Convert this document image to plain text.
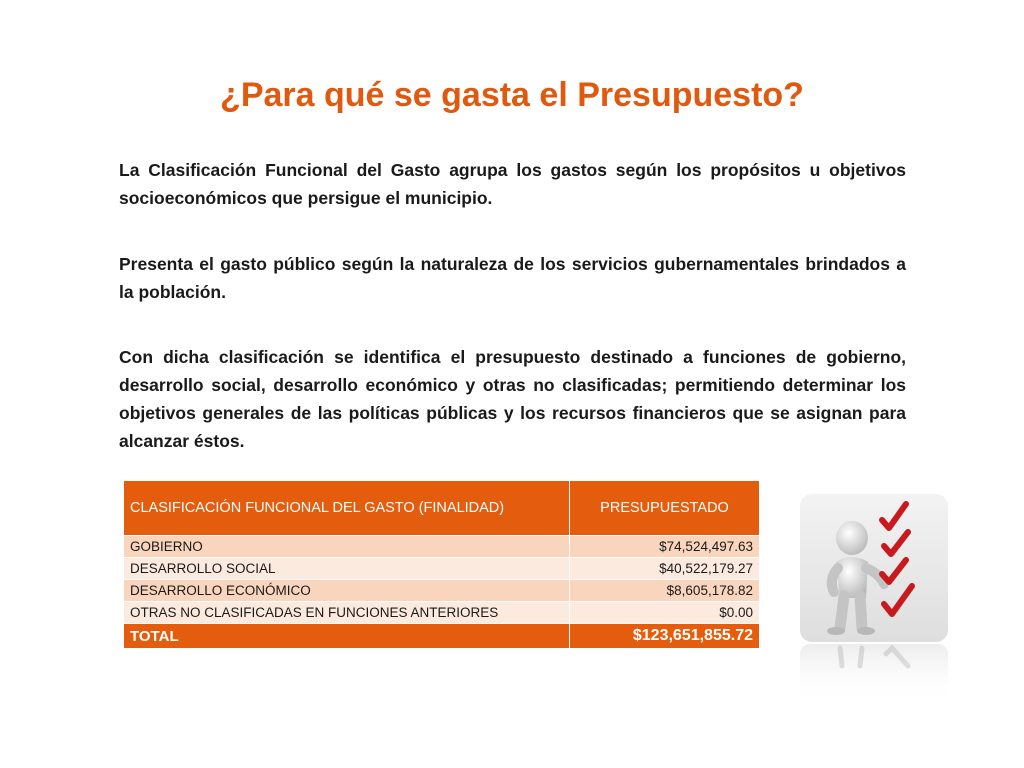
¿Para qué se gasta el Presupuesto?

La Clasificación Funcional del Gasto agrupa los gastos según los propósitos u objetivos socioeconómicos que persigue el municipio.

Presenta el gasto público según la naturaleza de los servicios gubernamentales brindados a la población.

Con dicha clasificación se identifica el presupuesto destinado a funciones de gobierno, desarrollo social, desarrollo económico y otras no clasificadas; permitiendo determinar los objetivos generales de las políticas públicas y los recursos financieros que se asignan para alcanzar éstos.

CLASIFICACIÓN FUNCIONAL DEL GASTO (FINALIDAD)	PRESUPUESTADO
GOBIERNO	$74,524,497.63
DESARROLLO SOCIAL	$40,522,179.27
DESARROLLO ECONÓMICO	$8,605,178.82
OTRAS NO CLASIFICADAS EN FUNCIONES ANTERIORES	$0.00
TOTAL	$123,651,855.72
